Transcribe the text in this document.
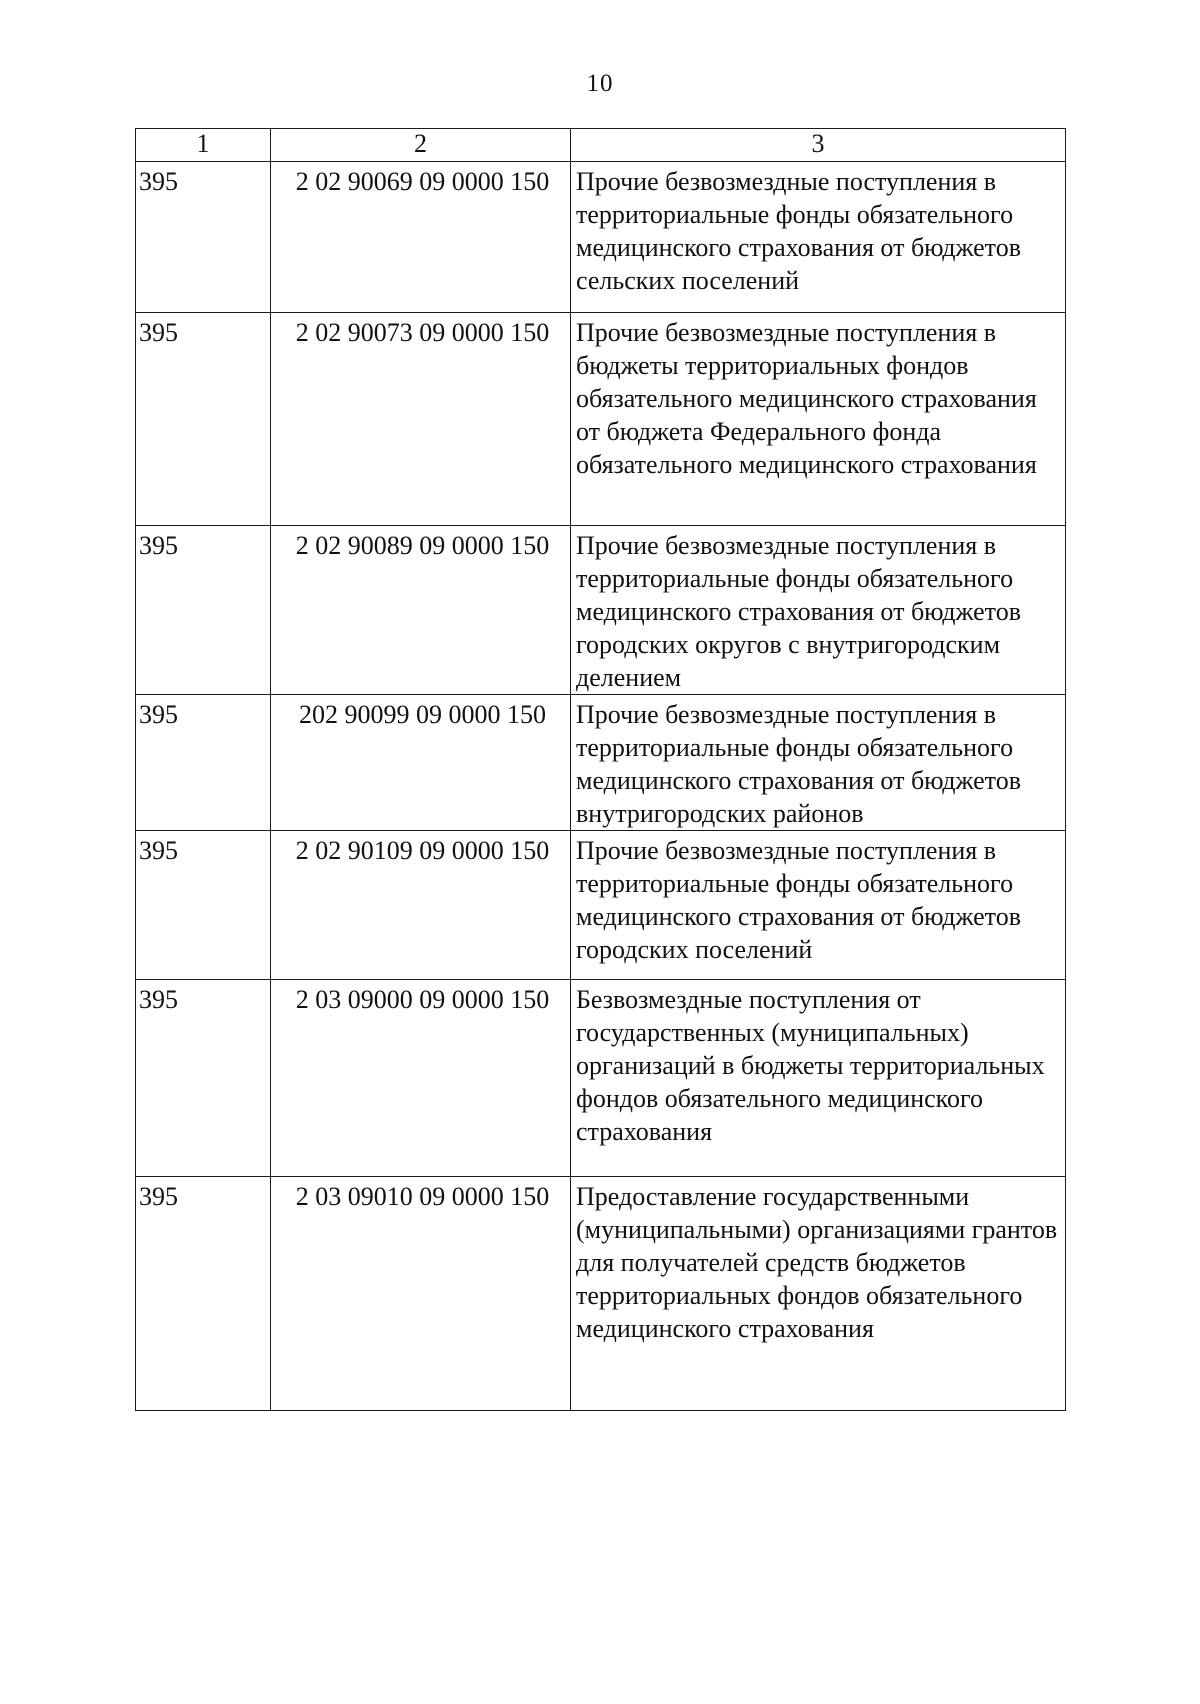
10
1	2	3
395	2 02 90069 09 0000 150	Прочие безвозмездные поступления в территориальные фонды обязательного медицинского страхования от бюджетов сельских поселений
395	2 02 90073 09 0000 150	Прочие безвозмездные поступления в бюджеты территориальных фондов обязательного медицинского страхования от бюджета Федерального фонда обязательного медицинского страхования
395	2 02 90089 09 0000 150	Прочие безвозмездные поступления в территориальные фонды обязательного медицинского страхования от бюджетов городских округов с внутригородским делением
395	202 90099 09 0000 150	Прочие безвозмездные поступления в территориальные фонды обязательного медицинского страхования от бюджетов внутригородских районов
395	2 02 90109 09 0000 150	Прочие безвозмездные поступления в территориальные фонды обязательного медицинского страхования от бюджетов городских поселений
395	2 03 09000 09 0000 150	Безвозмездные поступления от государственных (муниципальных) организаций в бюджеты территориальных фондов обязательного медицинского страхования
395	2 03 09010 09 0000 150	Предоставление государственными (муниципальными) организациями грантов для получателей средств бюджетов территориальных фондов обязательного медицинского страхования
